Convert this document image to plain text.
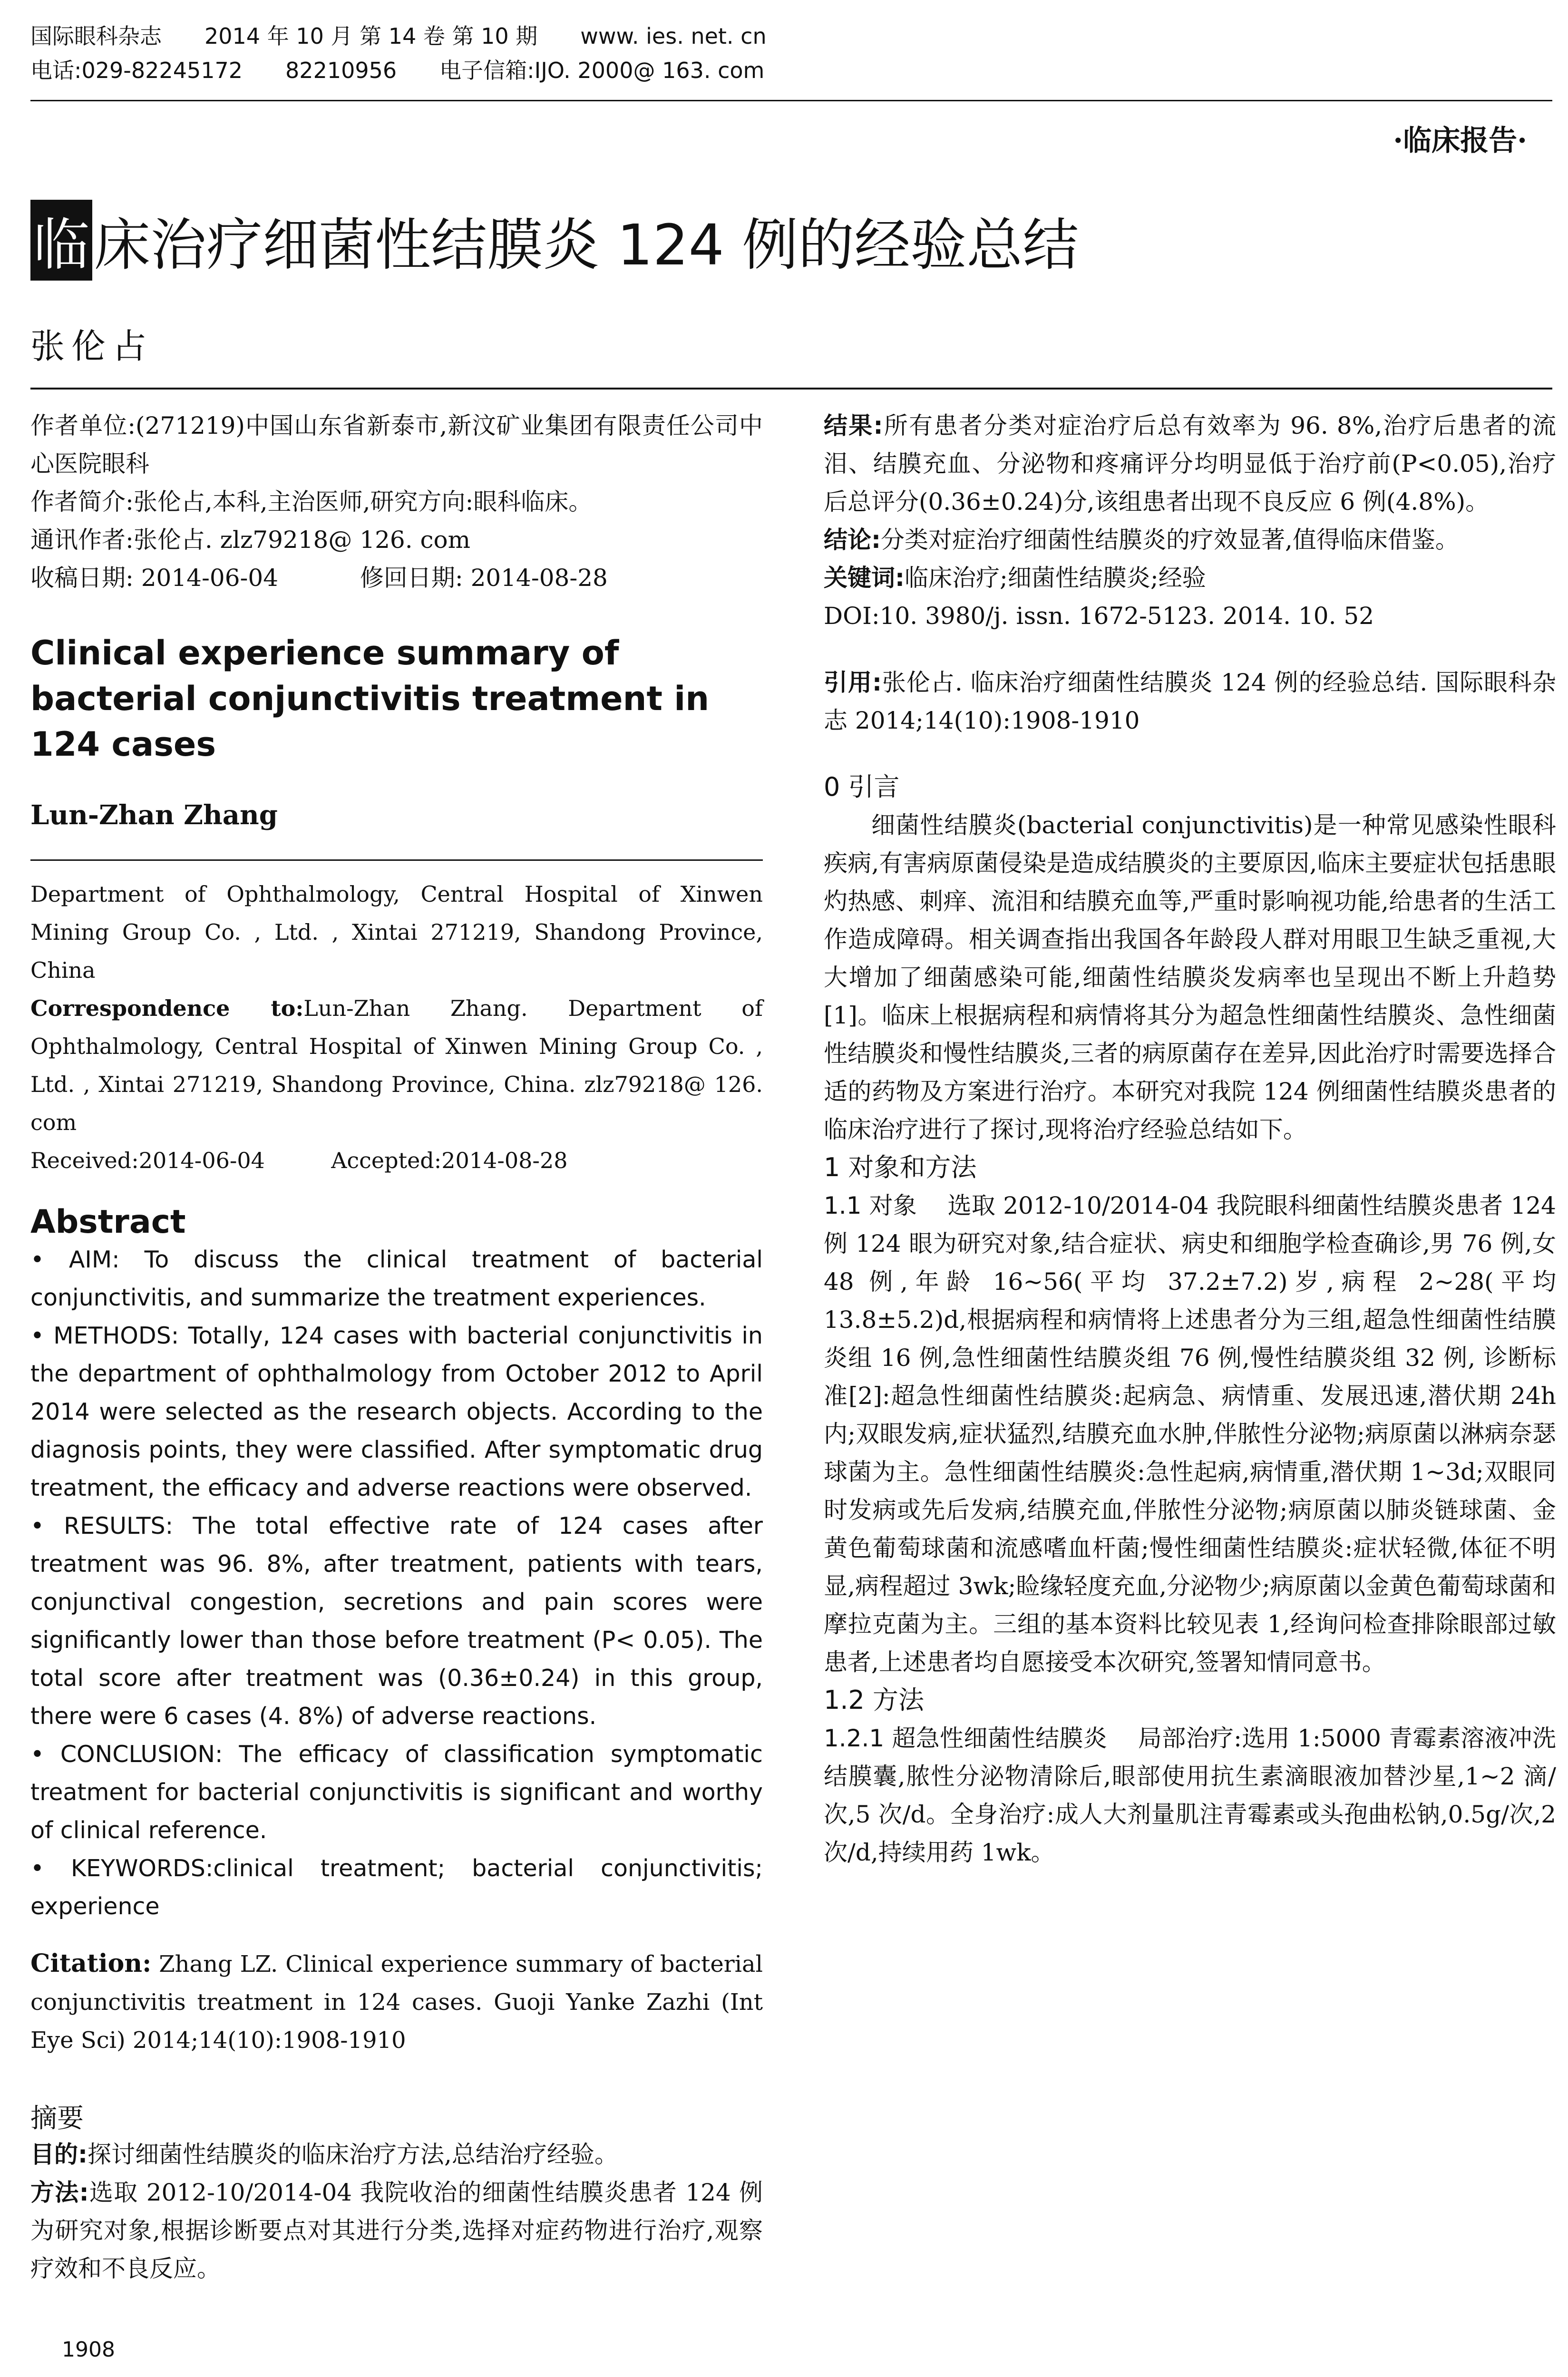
国际眼科杂志 2014 年 10 月 第 14 卷 第 10 期 www. ies. net. cn
电话:029-82245172 82210956 电子信箱:IJO. 2000@ 163. com
·临床报告·
临 床治疗细菌性结膜炎 124 例的经验总结
张伦占

作者单位:(271219)中国山东省新泰市,新汶矿业集团有限责任公司中心医院眼科

作者简介:张伦占,本科,主治医师,研究方向:眼科临床。

通讯作者:张伦占. zlz79218@ 126. com

收稿日期: 2014-06-04	修回日期: 2014-08-28

Clinical experience summary of bacterial conjunctivitis treatment in 124 cases

Lun-Zhan Zhang

Department of Ophthalmology, Central Hospital of Xinwen Mining Group Co. , Ltd. , Xintai 271219, Shandong Province, China

Correspondence to:Lun-Zhan Zhang. Department of Ophthalmology, Central Hospital of Xinwen Mining Group Co. , Ltd. , Xintai 271219, Shandong Province, China. zlz79218@ 126. com

Received:2014-06-04	Accepted:2014-08-28

Abstract

• AIM: To discuss the clinical treatment of bacterial conjunctivitis, and summarize the treatment experiences.

• METHODS: Totally, 124 cases with bacterial conjunctivitis in the department of ophthalmology from October 2012 to April 2014 were selected as the research objects. According to the diagnosis points, they were classified. After symptomatic drug treatment, the efficacy and adverse reactions were observed.

• RESULTS: The total effective rate of 124 cases after treatment was 96. 8%, after treatment, patients with tears, conjunctival congestion, secretions and pain scores were significantly lower than those before treatment (P< 0.05). The total score after treatment was (0.36±0.24) in this group, there were 6 cases (4. 8%) of adverse reactions.

• CONCLUSION: The efficacy of classification symptomatic treatment for bacterial conjunctivitis is significant and worthy of clinical reference.

• KEYWORDS:clinical treatment; bacterial conjunctivitis; experience

Citation: Zhang LZ. Clinical experience summary of bacterial conjunctivitis treatment in 124 cases. Guoji Yanke Zazhi (Int Eye Sci) 2014;14(10):1908-1910

摘要

目的:探讨细菌性结膜炎的临床治疗方法,总结治疗经验。

方法:选取 2012-10/2014-04 我院收治的细菌性结膜炎患者 124 例为研究对象,根据诊断要点对其进行分类,选择对症药物进行治疗,观察疗效和不良反应。

结果:所有患者分类对症治疗后总有效率为 96. 8%,治疗后患者的流泪、结膜充血、分泌物和疼痛评分均明显低于治疗前(P<0.05),治疗后总评分(0.36±0.24)分,该组患者出现不良反应 6 例(4.8%)。

结论:分类对症治疗细菌性结膜炎的疗效显著,值得临床借鉴。

关键词:临床治疗;细菌性结膜炎;经验

DOI:10. 3980/j. issn. 1672-5123. 2014. 10. 52

引用:张伦占. 临床治疗细菌性结膜炎 124 例的经验总结. 国际眼科杂志 2014;14(10):1908-1910

0 引言

细菌性结膜炎(bacterial conjunctivitis)是一种常见感染性眼科疾病,有害病原菌侵染是造成结膜炎的主要原因,临床主要症状包括患眼灼热感、刺痒、流泪和结膜充血等,严重时影响视功能,给患者的生活工作造成障碍。相关调查指出我国各年龄段人群对用眼卫生缺乏重视,大大增加了细菌感染可能,细菌性结膜炎发病率也呈现出不断上升趋势[1]。临床上根据病程和病情将其分为超急性细菌性结膜炎、急性细菌性结膜炎和慢性结膜炎,三者的病原菌存在差异,因此治疗时需要选择合适的药物及方案进行治疗。本研究对我院 124 例细菌性结膜炎患者的临床治疗进行了探讨,现将治疗经验总结如下。

1 对象和方法

1.1 对象 选取 2012-10/2014-04 我院眼科细菌性结膜炎患者 124 例 124 眼为研究对象,结合症状、病史和细胞学检查确诊,男 76 例,女 48 例,年龄 16~56(平均 37.2±7.2)岁,病程 2~28(平均 13.8±5.2)d,根据病程和病情将上述患者分为三组,超急性细菌性结膜炎组 16 例,急性细菌性结膜炎组 76 例,慢性结膜炎组 32 例, 诊断标准[2]:超急性细菌性结膜炎:起病急、病情重、发展迅速,潜伏期 24h 内;双眼发病,症状猛烈,结膜充血水肿,伴脓性分泌物;病原菌以淋病奈瑟球菌为主。急性细菌性结膜炎:急性起病,病情重,潜伏期 1~3d;双眼同时发病或先后发病,结膜充血,伴脓性分泌物;病原菌以肺炎链球菌、金黄色葡萄球菌和流感嗜血杆菌;慢性细菌性结膜炎:症状轻微,体征不明显,病程超过 3wk;睑缘轻度充血,分泌物少;病原菌以金黄色葡萄球菌和摩拉克菌为主。三组的基本资料比较见表 1,经询问检查排除眼部过敏患者,上述患者均自愿接受本次研究,签署知情同意书。

1.2 方法

1.2.1 超急性细菌性结膜炎 局部治疗:选用 1:5000 青霉素溶液冲洗结膜囊,脓性分泌物清除后,眼部使用抗生素滴眼液加替沙星,1~2 滴/次,5 次/d。全身治疗:成人大剂量肌注青霉素或头孢曲松钠,0.5g/次,2 次/d,持续用药 1wk。

1908
